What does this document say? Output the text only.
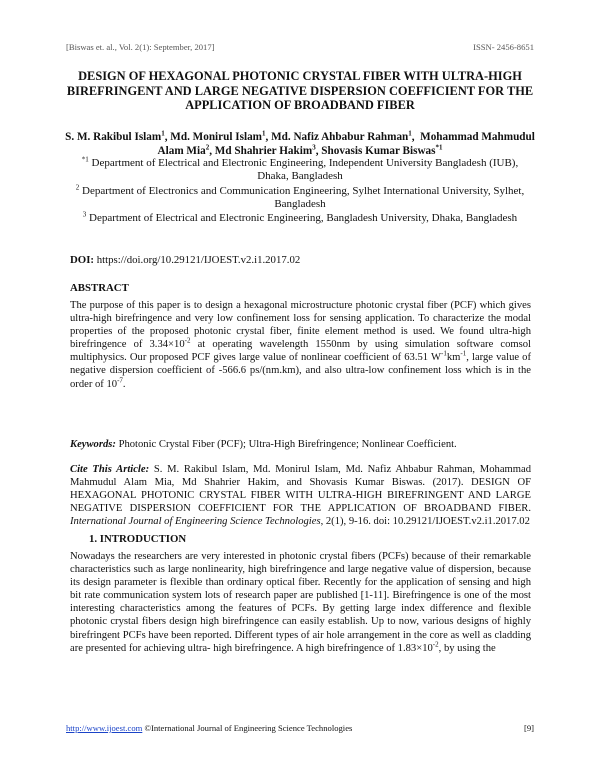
[Biswas et. al., Vol. 2(1): September, 2017]	ISSN- 2456-8651
DESIGN OF HEXAGONAL PHOTONIC CRYSTAL FIBER WITH ULTRA-HIGH BIREFRINGENT AND LARGE NEGATIVE DISPERSION COEFFICIENT FOR THE APPLICATION OF BROADBAND FIBER
S. M. Rakibul Islam$^1$, Md. Monirul Islam$^1$, Md. Nafiz Ahbabur Rahman$^1$,  Mohammad Mahmudul Alam Mia$^2$, Md Shahrier Hakim$^3$, Shovasis Kumar Biswas$^{*1}$
$^{*1}$ Department of Electrical and Electronic Engineering, Independent University Bangladesh (IUB), Dhaka, Bangladesh
$^2$ Department of Electronics and Communication Engineering, Sylhet International University, Sylhet, Bangladesh
$^3$ Department of Electrical and Electronic Engineering, Bangladesh University, Dhaka, Bangladesh
DOI: https://doi.org/10.29121/IJOEST.v2.i1.2017.02
ABSTRACT
The purpose of this paper is to design a hexagonal microstructure photonic crystal fiber (PCF) which gives ultra-high birefringence and very low confinement loss for sensing application. To characterize the modal properties of the proposed photonic crystal fiber, finite element method is used. We found ultra-high birefringence of $3.34\times 10^{-2}$ at operating wavelength 1550nm by using simulation software comsol multiphysics. Our proposed PCF gives large value of nonlinear coefficient of 63.51 $W^{-1}km^{-1}$, large value of negative dispersion coefficient of -566.6 ps/(nm.km), and also ultra-low confinement loss which is in the order of $10^{-7}$.
Keywords: Photonic Crystal Fiber (PCF); Ultra-High Birefringence; Nonlinear Coefficient.
Cite This Article: S. M. Rakibul Islam, Md. Monirul Islam, Md. Nafiz Ahbabur Rahman, Mohammad Mahmudul Alam Mia, Md Shahrier Hakim, and Shovasis Kumar Biswas. (2017). DESIGN OF HEXAGONAL PHOTONIC CRYSTAL FIBER WITH ULTRA-HIGH BIREFRINGENT AND LARGE NEGATIVE DISPERSION COEFFICIENT FOR THE APPLICATION OF BROADBAND FIBER. International Journal of Engineering Science Technologies, 2(1), 9-16. doi: 10.29121/IJOEST.v2.i1.2017.02
1. INTRODUCTION
Nowadays the researchers are very interested in photonic crystal fibers (PCFs) because of their remarkable characteristics such as large nonlinearity, high birefringence and large negative value of dispersion, because its design parameter is flexible than ordinary optical fiber. Recently for the application of sensing and high bit rate communication system lots of research paper are published [1-11]. Birefringence is one of the most interesting characteristics among the features of PCFs. By getting large index difference and flexible photonic crystal fibers design high birefringence can easily establish. Up to now, various designs of highly birefringent PCFs have been reported. Different types of air hole arrangement in the core as well as cladding are presented for achieving ultra- high birefringence. A high birefringence of $1.83\times 10^{-2}$, by using the
http://www.ijoest.com ©International Journal of Engineering Science Technologies	[9]
